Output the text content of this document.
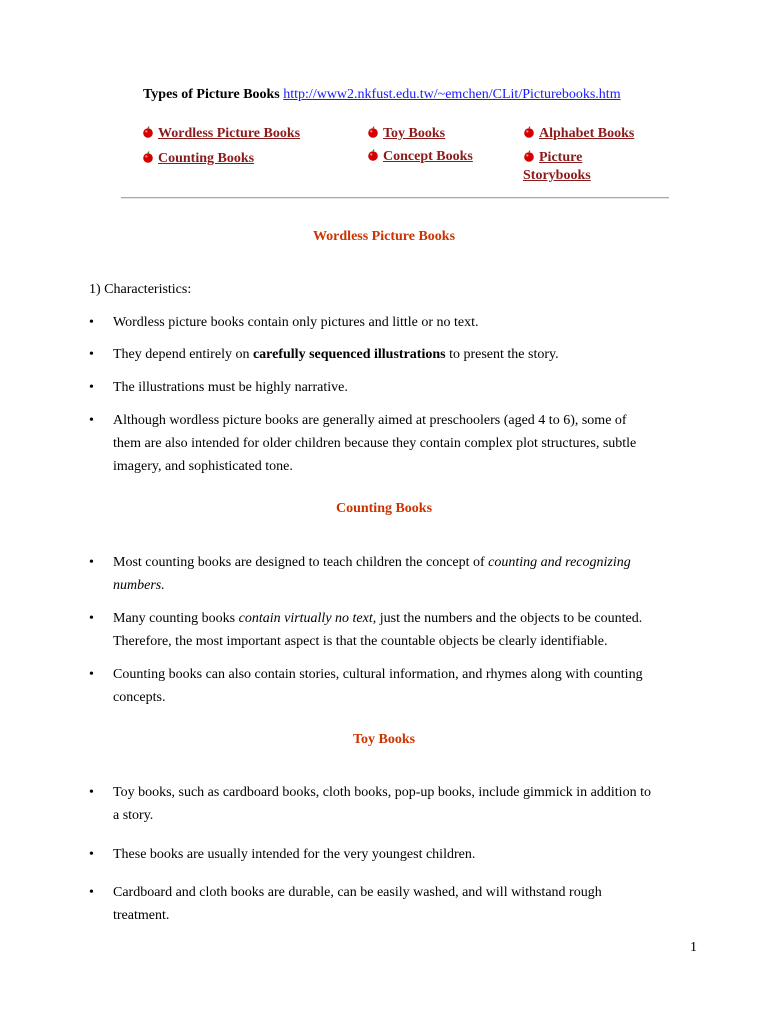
Types of Picture Books http://www2.nkfust.edu.tw/~emchen/CLit/Picturebooks.htm
Wordless Picture Books
Counting Books
Toy Books
Concept Books
Alphabet Books
Picture
Storybooks
Wordless Picture Books
1) Characteristics:
• Wordless picture books contain only pictures and little or no text.
• They depend entirely on carefully sequenced illustrations to present the story.
• The illustrations must be highly narrative.
• Although wordless picture books are generally aimed at preschoolers (aged 4 to 6), some of
them are also intended for older children because they contain complex plot structures, subtle
imagery, and sophisticated tone.
Counting Books
• Most counting books are designed to teach children the concept of counting and recognizing
numbers.
• Many counting books contain virtually no text, just the numbers and the objects to be counted.
Therefore, the most important aspect is that the countable objects be clearly identifiable.
• Counting books can also contain stories, cultural information, and rhymes along with counting
concepts.
Toy Books
• Toy books, such as cardboard books, cloth books, pop-up books, include gimmick in addition to
a story.
• These books are usually intended for the very youngest children.
• Cardboard and cloth books are durable, can be easily washed, and will withstand rough
treatment.
1
